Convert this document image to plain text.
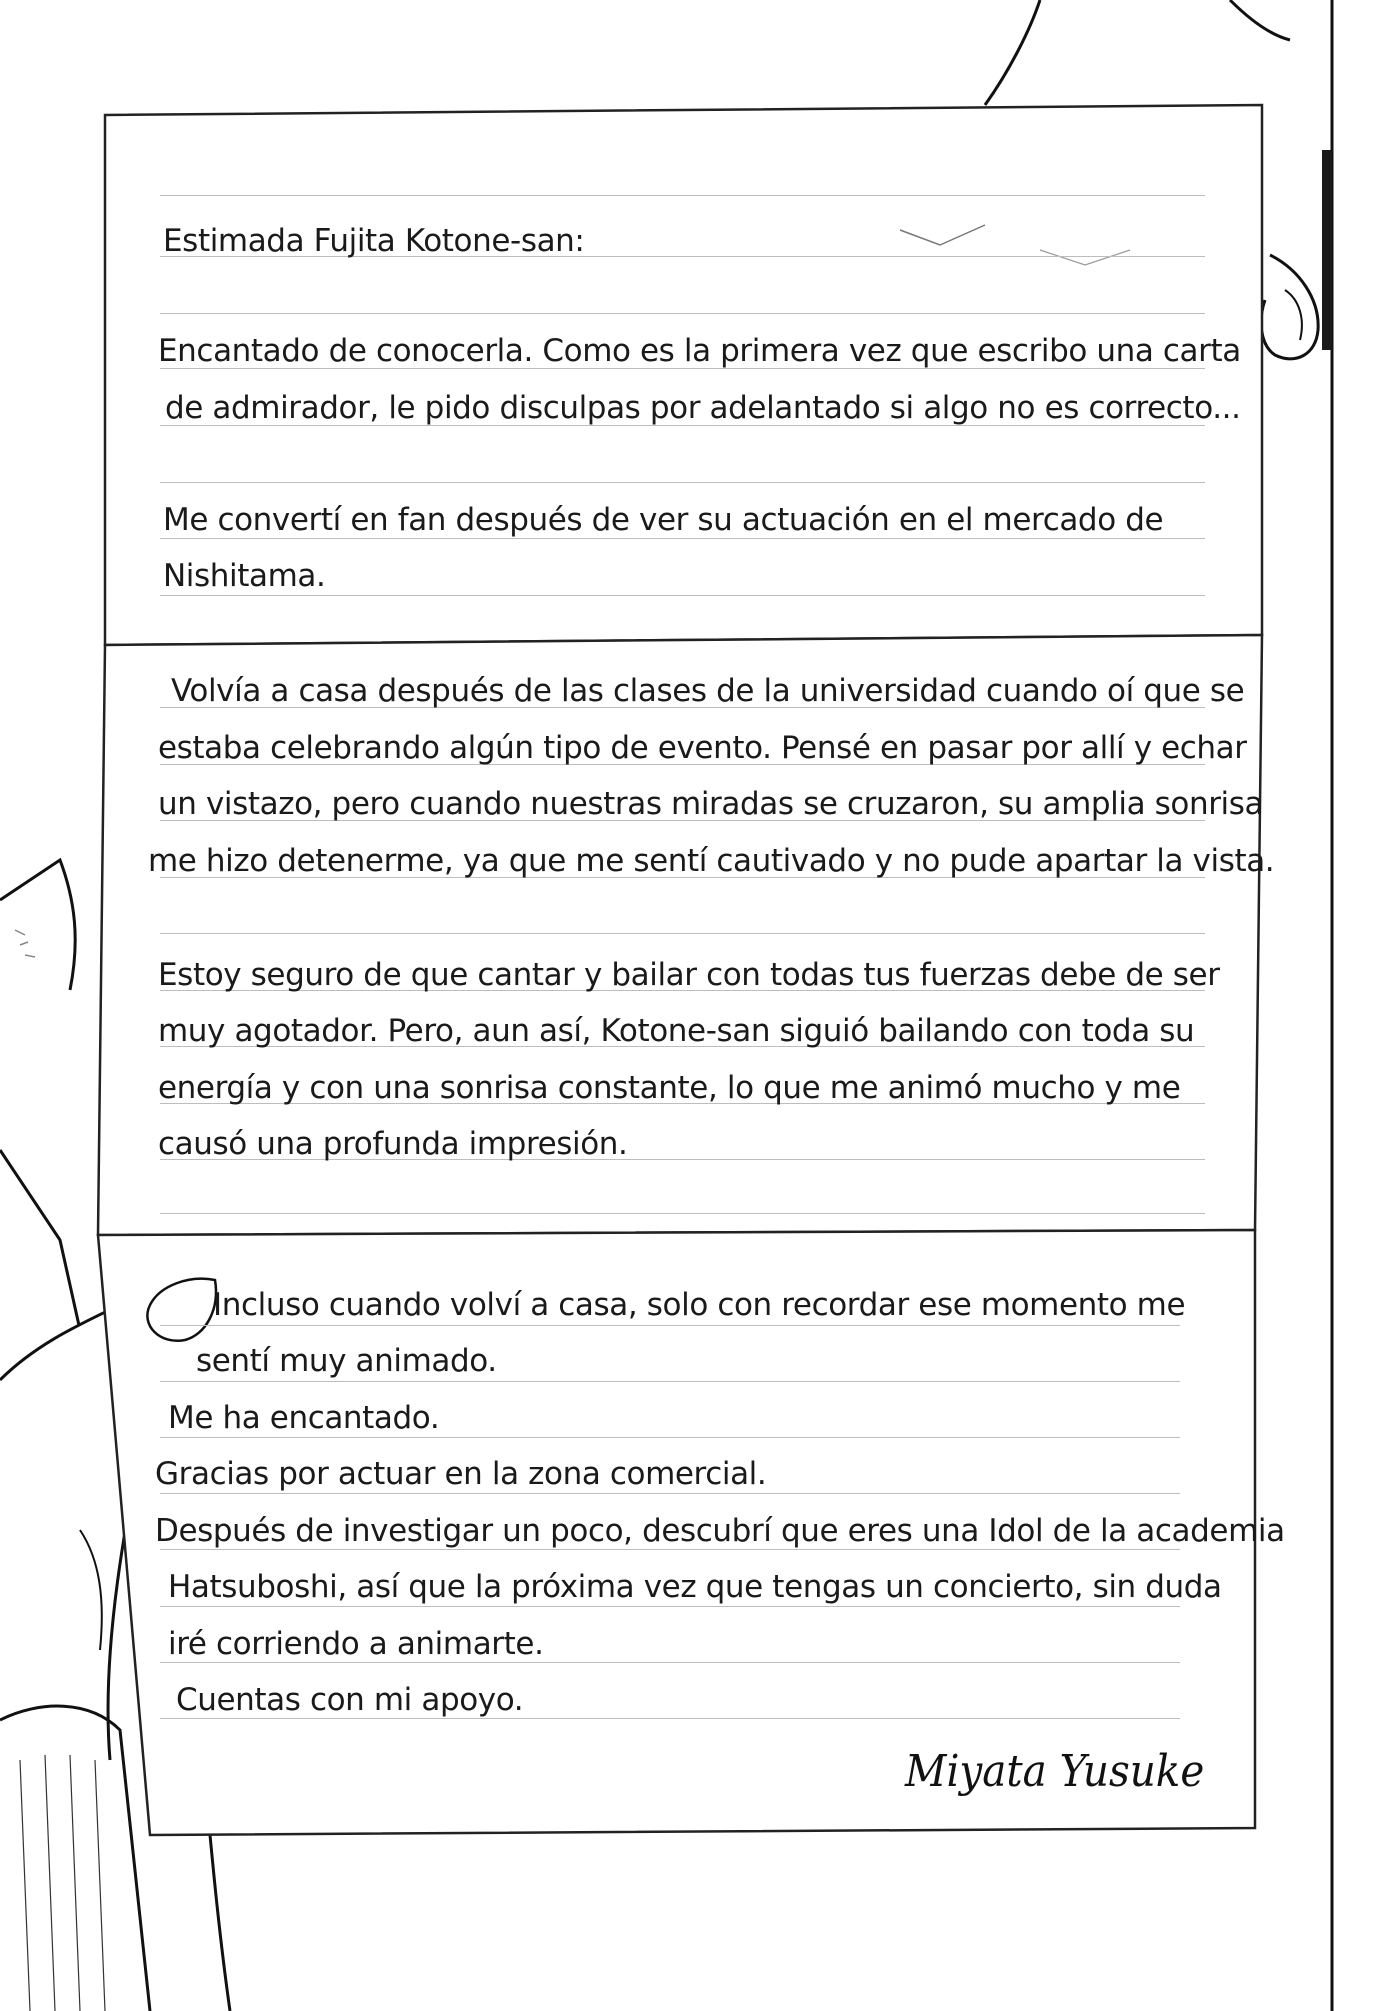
Estimada Fujita Kotone-san:

Encantado de conocerla. Como es la primera vez que escribo una carta

de admirador, le pido disculpas por adelantado si algo no es correcto...

Me convertí en fan después de ver su actuación en el mercado de

Nishitama.

Volvía a casa después de las clases de la universidad cuando oí que se

estaba celebrando algún tipo de evento. Pensé en pasar por allí y echar

un vistazo, pero cuando nuestras miradas se cruzaron, su amplia sonrisa

me hizo detenerme, ya que me sentí cautivado y no pude apartar la vista.

Estoy seguro de que cantar y bailar con todas tus fuerzas debe de ser

muy agotador. Pero, aun así, Kotone-san siguió bailando con toda su

energía y con una sonrisa constante, lo que me animó mucho y me

causó una profunda impresión.

Incluso cuando volví a casa, solo con recordar ese momento me

sentí muy animado.

Me ha encantado.

Gracias por actuar en la zona comercial.

Después de investigar un poco, descubrí que eres una Idol de la academia

Hatsuboshi, así que la próxima vez que tengas un concierto, sin duda

iré corriendo a animarte.

Cuentas con mi apoyo.

Miyata Yusuke
